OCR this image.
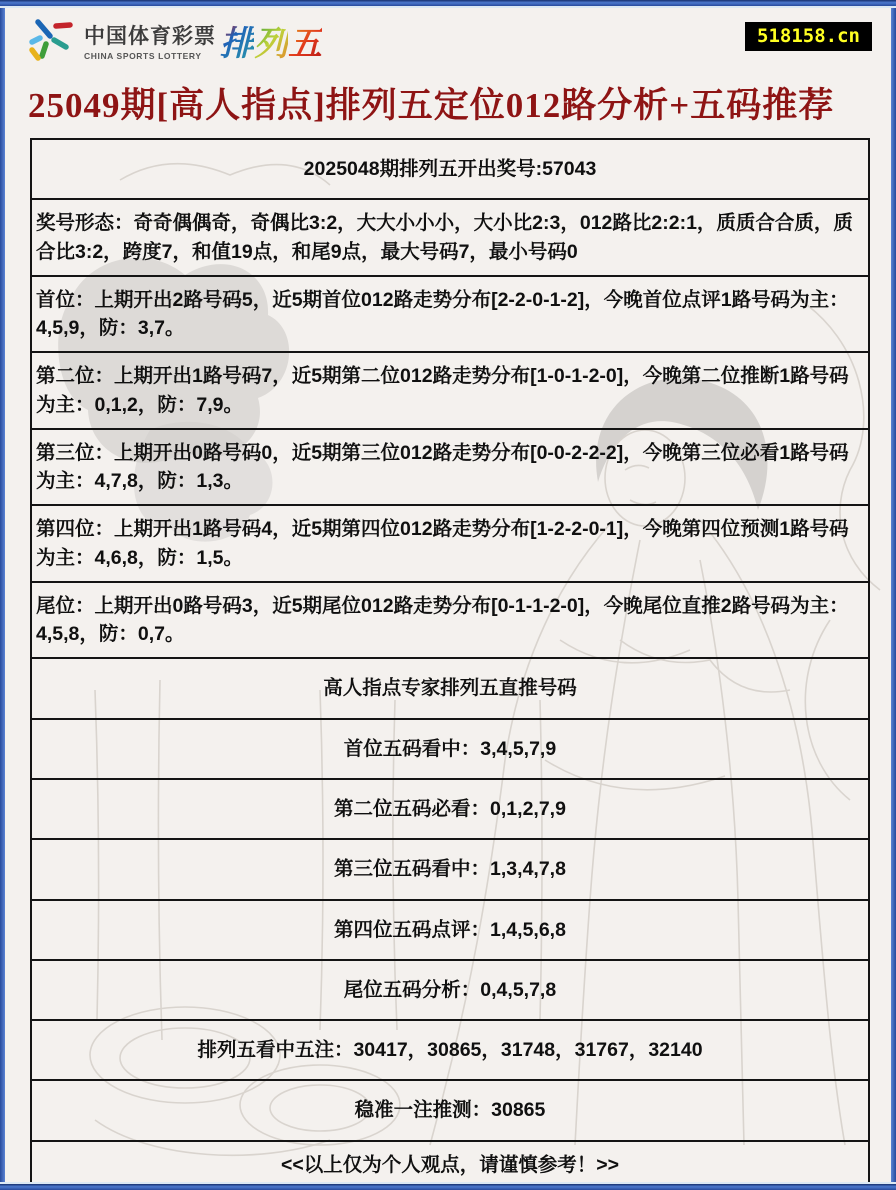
中国体育彩票
CHINA SPORTS LOTTERY 排 列 五	518158.cn
25049期[高人指点]排列五定位012路分析+五码推荐
2025048期排列五开出奖号:57043
奖号形态：奇奇偶偶奇，奇偶比3:2，大大小小小，大小比2:3，012路比2:2:1，质质合合质，质合比3:2，跨度7，和值19点，和尾9点，最大号码7，最小号码0
首位：上期开出2路号码5，近5期首位012路走势分布[2-2-0-1-2]，今晚首位点评1路号码为主：4,5,9，防：3,7。
第二位：上期开出1路号码7，近5期第二位012路走势分布[1-0-1-2-0]，今晚第二位推断1路号码为主：0,1,2，防：7,9。
第三位：上期开出0路号码0，近5期第三位012路走势分布[0-0-2-2-2]，今晚第三位必看1路号码为主：4,7,8，防：1,3。
第四位：上期开出1路号码4，近5期第四位012路走势分布[1-2-2-0-1]，今晚第四位预测1路号码为主：4,6,8，防：1,5。
尾位：上期开出0路号码3，近5期尾位012路走势分布[0-1-1-2-0]，今晚尾位直推2路号码为主：4,5,8，防：0,7。
高人指点专家排列五直推号码
首位五码看中：3,4,5,7,9
第二位五码必看：0,1,2,7,9
第三位五码看中：1,3,4,7,8
第四位五码点评：1,4,5,6,8
尾位五码分析：0,4,5,7,8
排列五看中五注：30417，30865，31748，31767，32140
稳准一注推测：30865
<<以上仅为个人观点，请谨慎参考！>>
